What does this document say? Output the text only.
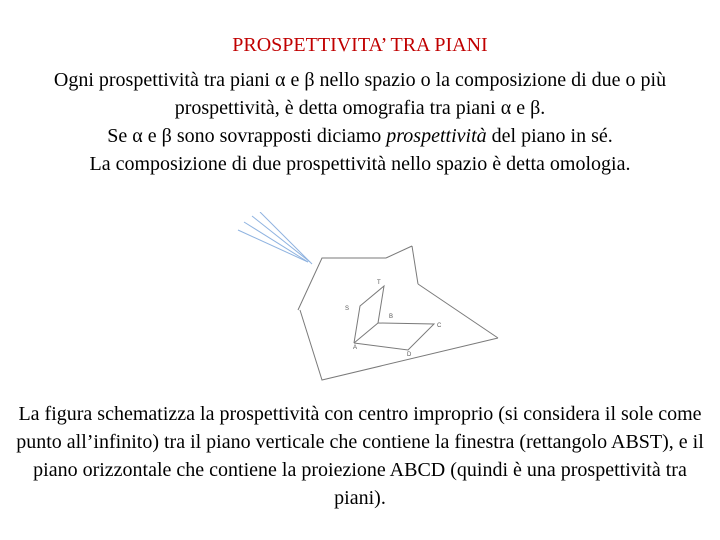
PROSPETTIVITA’ TRA PIANI

Ogni prospettività tra piani α e β nello spazio o la composizione di due o più prospettività, è detta omografia tra piani α e β.

Se α e β sono sovrapposti diciamo prospettività del piano in sé.

La composizione di due prospettività nello spazio è detta omologia.

T
S
B
C
A
D

La figura schematizza la prospettività con centro improprio (si considera il sole come punto all’infinito) tra il piano verticale che contiene la finestra (rettangolo ABST), e il piano orizzontale che contiene la proiezione ABCD (quindi è una prospettività tra piani).
